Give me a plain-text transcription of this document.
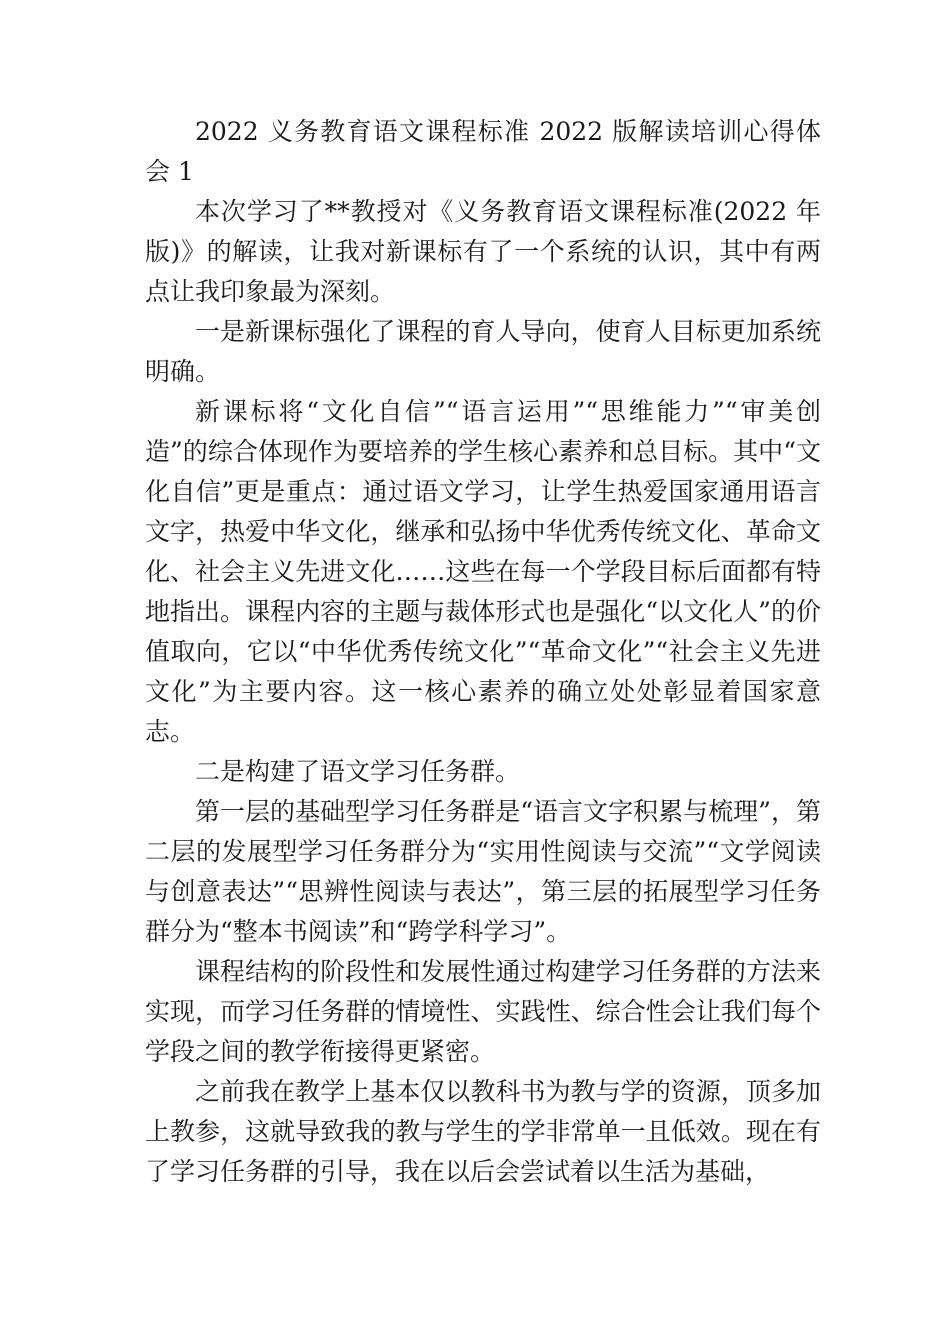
2022 义务教育语文课程标准 2022 版解读培训心得体会 1

本次学习了**教授对《义务教育语文课程标准(2022 年版)》的解读，让我对新课标有了一个系统的认识，其中有两点让我印象最为深刻。

一是新课标强化了课程的育人导向，使育人目标更加系统明确。

新课标将“文化自信”“语言运用”“思维能力”“审美创造”的综合体现作为要培养的学生核心素养和总目标。其中“文化自信”更是重点：通过语文学习，让学生热爱国家通用语言文字，热爱中华文化，继承和弘扬中华优秀传统文化、革命文化、社会主义先进文化……这些在每一个学段目标后面都有特地指出。课程内容的主题与裁体形式也是强化“以文化人”的价值取向，它以“中华优秀传统文化”“革命文化”“社会主义先进文化”为主要内容。这一核心素养的确立处处彰显着国家意志。

二是构建了语文学习任务群。

第一层的基础型学习任务群是“语言文字积累与梳理”，第二层的发展型学习任务群分为“实用性阅读与交流”“文学阅读与创意表达”“思辨性阅读与表达”，第三层的拓展型学习任务群分为“整本书阅读”和“跨学科学习”。

课程结构的阶段性和发展性通过构建学习任务群的方法来实现，而学习任务群的情境性、实践性、综合性会让我们每个学段之间的教学衔接得更紧密。

之前我在教学上基本仅以教科书为教与学的资源，顶多加上教参，这就导致我的教与学生的学非常单一且低效。现在有了学习任务群的引导，我在以后会尝试着以生活为基础，
